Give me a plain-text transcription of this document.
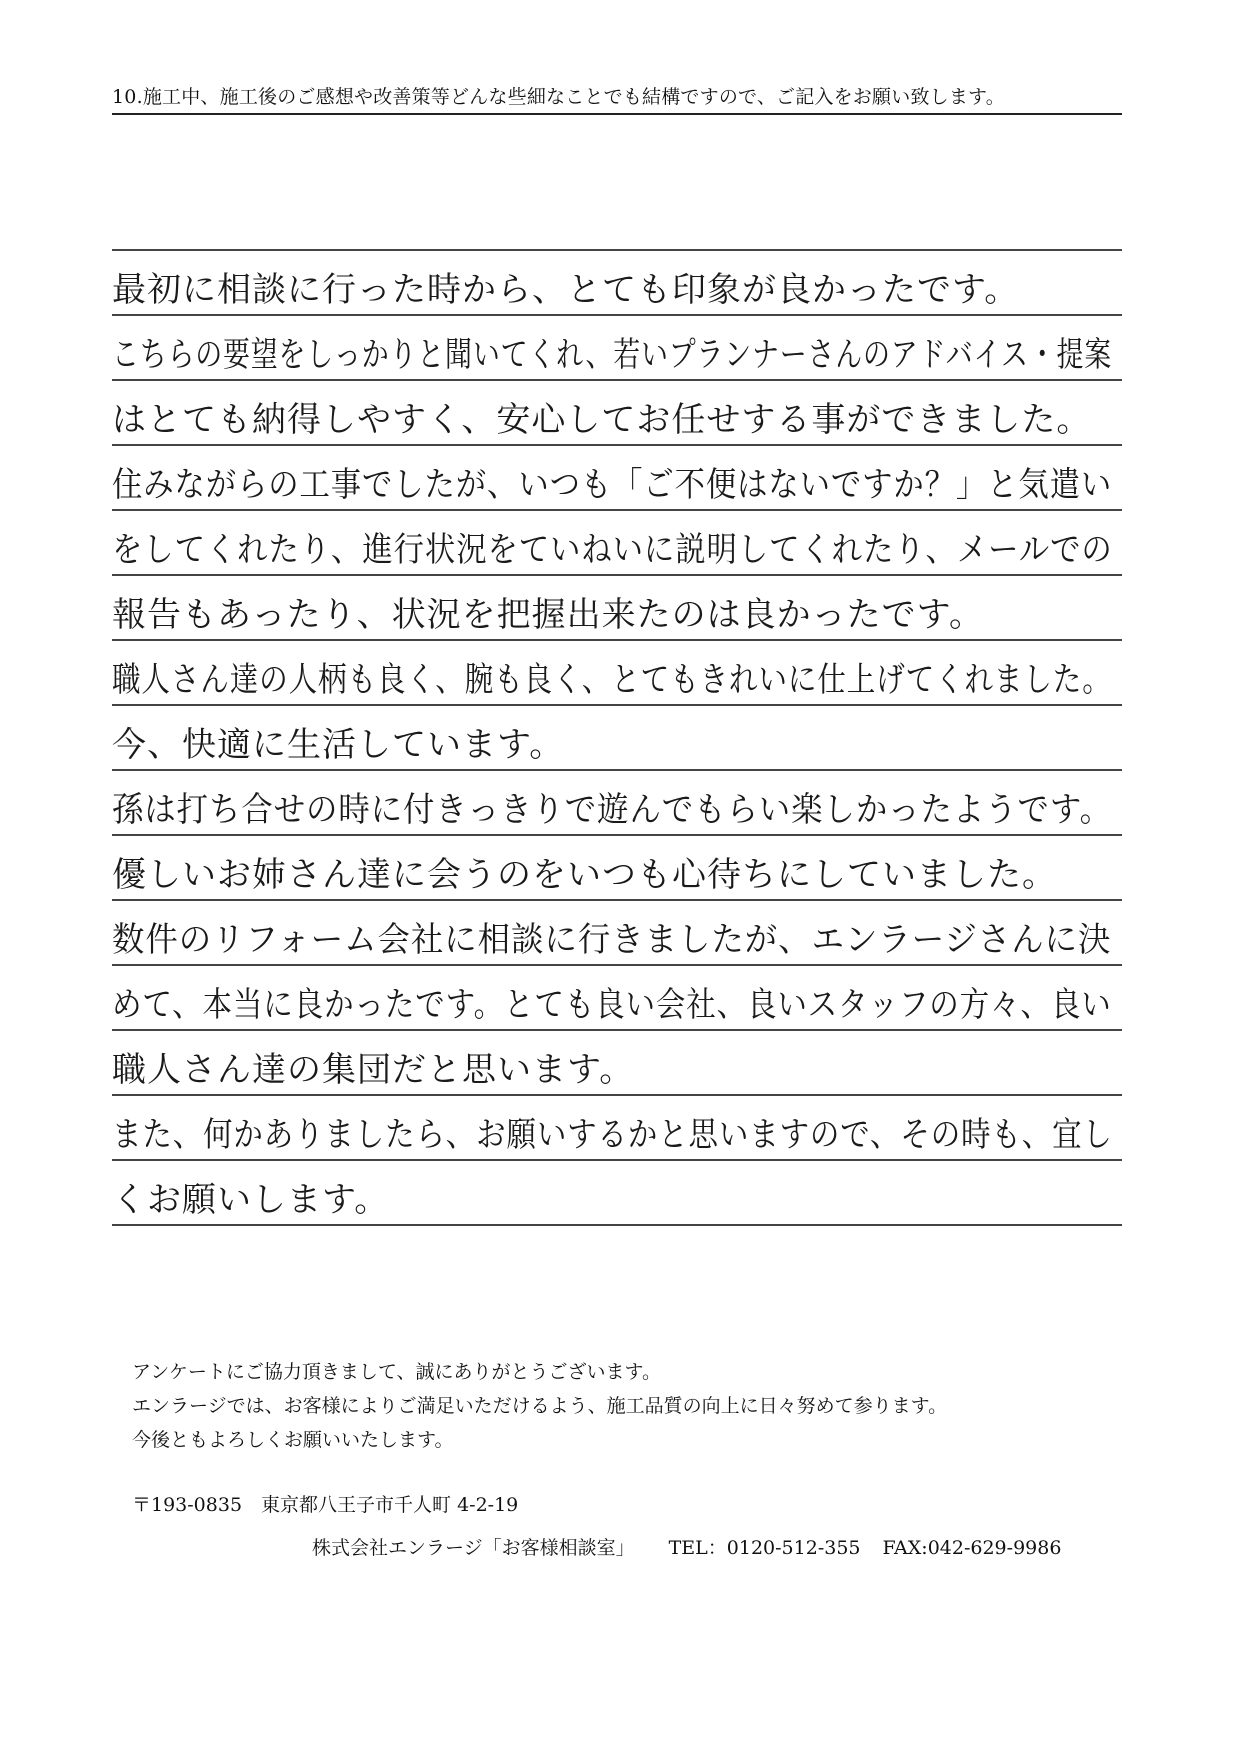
10.施工中、施工後のご感想や改善策等どんな些細なことでも結構ですので、ご記入をお願い致します。
最初に相談に行った時から、とても印象が良かったです。
こちらの要望をしっかりと聞いてくれ、若いプランナーさんのアドバイス・提案
はとても納得しやすく、安心してお任せする事ができました。
住みながらの工事でしたが、いつも「ご不便はないですか？」と気遣い
をしてくれたり、進行状況をていねいに説明してくれたり、メールでの
報告もあったり、状況を把握出来たのは良かったです。
職人さん達の人柄も良く、腕も良く、とてもきれいに仕上げてくれました。
今、快適に生活しています。
孫は打ち合せの時に付きっきりで遊んでもらい楽しかったようです。
優しいお姉さん達に会うのをいつも心待ちにしていました。
数件のリフォーム会社に相談に行きましたが、エンラージさんに決
めて、本当に良かったです。とても良い会社、良いスタッフの方々、良い
職人さん達の集団だと思います。
また、何かありましたら、お願いするかと思いますので、その時も、宜し
くお願いします。
アンケートにご協力頂きまして、誠にありがとうございます。
エンラージでは、お客様によりご満足いただけるよう、施工品質の向上に日々努めて参ります。
今後ともよろしくお願いいたします。
〒193-0835　東京都八王子市千人町 4-2-19
株式会社エンラージ「お客様相談室」 TEL：0120-512-355 FAX:042-629-9986
